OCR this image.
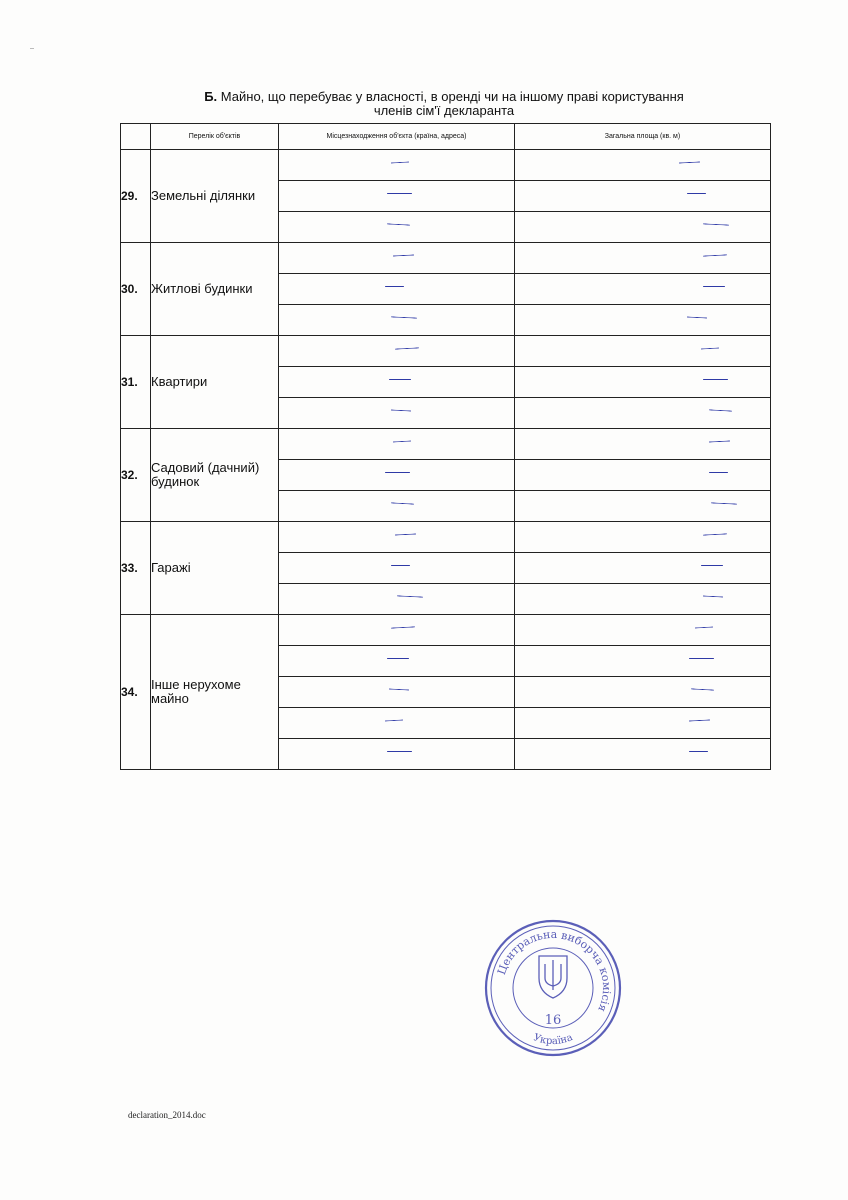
Б. Майно, що перебуває у власності, в оренді чи на іншому праві користування
членів сім'ї декларанта
	Перелік об'єктів	Місцезнаходження об'єкта (країна, адреса)	Загальна площа (кв. м)
29.	Земельні ділянки	

30.	Житлові будинки	

31.	Квартири	

32.	Садовий (дачний) будинок	

33.	Гаражі	

34.	Інше нерухоме майно	

Центральна виборча комісія
Україна
16
declaration_2014.doc
